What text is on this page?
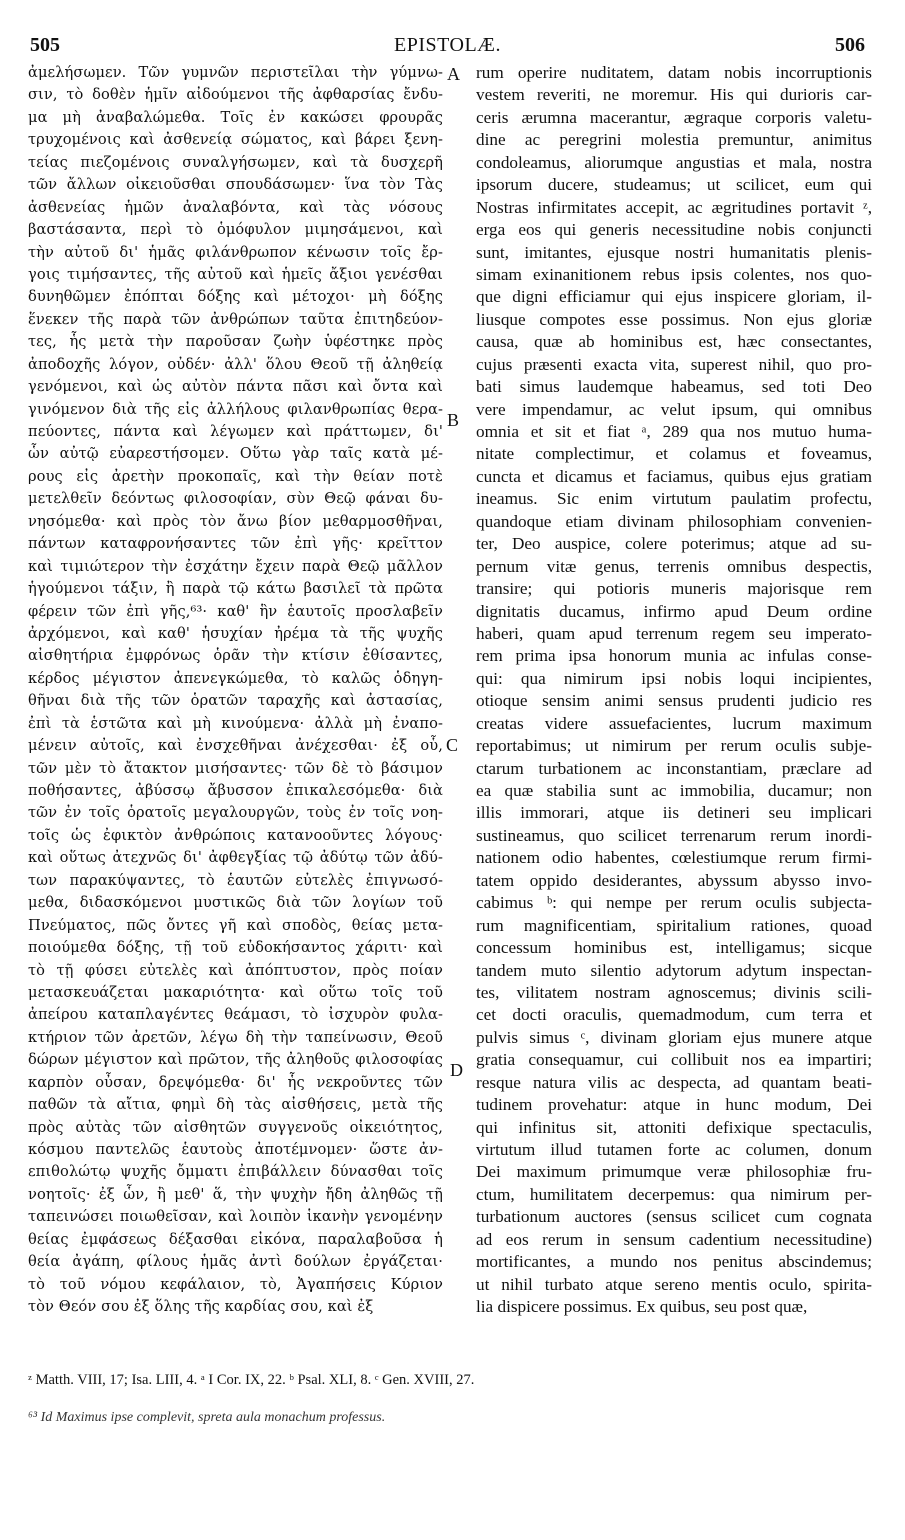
505	EPISTOLÆ.	506
ἀμελήσωμεν. Τῶν γυμνῶν περιστεῖλαι τὴν γύμνω-
σιν, τὸ δοθὲν ἡμῖν αἰδούμενοι τῆς ἀφθαρσίας ἔνδυ-
μα μὴ ἀναβαλώμεθα. Τοῖς ἐν κακώσει φρουρᾶς
τρυχομένοις καὶ ἀσθενείᾳ σώματος, καὶ βάρει ξενη-
τείας πιεζομένοις συναλγήσωμεν, καὶ τὰ δυσχερῆ
τῶν ἄλλων οἰκειοῦσθαι σπουδάσωμεν· ἵνα τὸν Τὰς
ἀσθενείας ἡμῶν ἀναλαβόντα, καὶ τὰς νόσους
βαστάσαντα, περὶ τὸ ὁμόφυλον μιμησάμενοι, καὶ
τὴν αὐτοῦ δι' ἡμᾶς φιλάνθρωπον κένωσιν τοῖς ἔρ-
γοις τιμήσαντες, τῆς αὐτοῦ καὶ ἡμεῖς ἄξιοι γενέσθαι
δυνηθῶμεν ἐπόπται δόξης καὶ μέτοχοι· μὴ δόξης
ἕνεκεν τῆς παρὰ τῶν ἀνθρώπων ταῦτα ἐπιτηδεύον-
τες, ἧς μετὰ τὴν παροῦσαν ζωὴν ὑφέστηκε πρὸς
ἀποδοχῆς λόγον, οὐδέν· ἀλλ' ὅλου Θεοῦ τῇ ἀληθείᾳ
γενόμενοι, καὶ ὡς αὐτὸν πάντα πᾶσι καὶ ὄντα καὶ
γινόμενον διὰ τῆς εἰς ἀλλήλους φιλανθρωπίας θερα-
πεύοντες, πάντα καὶ λέγωμεν καὶ πράττωμεν, δι'
ὧν αὐτῷ εὐαρεστήσομεν. Οὕτω γὰρ ταῖς κατὰ μέ-
ρους εἰς ἀρετὴν προκοπαῖς, καὶ τὴν θείαν ποτὲ
μετελθεῖν δεόντως φιλοσοφίαν, σὺν Θεῷ φάναι δυ-
νησόμεθα· καὶ πρὸς τὸν ἄνω βίον μεθαρμοσθῆναι,
πάντων καταφρονήσαντες τῶν ἐπὶ γῆς· κρεῖττον
καὶ τιμιώτερον τὴν ἐσχάτην ἔχειν παρὰ Θεῷ μᾶλλον
ἡγούμενοι τάξιν, ἢ παρὰ τῷ κάτω βασιλεῖ τὰ πρῶτα
φέρειν τῶν ἐπὶ γῆς,⁶³· καθ' ἣν ἑαυτοῖς προσλαβεῖν
ἀρχόμενοι, καὶ καθ' ἡσυχίαν ἠρέμα τὰ τῆς ψυχῆς
αἰσθητήρια ἐμφρόνως ὁρᾶν τὴν κτίσιν ἐθίσαντες,
κέρδος μέγιστον ἀπενεγκώμεθα, τὸ καλῶς ὁδηγη-
θῆναι διὰ τῆς τῶν ὁρατῶν ταραχῆς καὶ ἀστασίας,
ἐπὶ τὰ ἑστῶτα καὶ μὴ κινούμενα· ἀλλὰ μὴ ἐναπο-
μένειν αὐτοῖς, καὶ ἐνσχεθῆναι ἀνέχεσθαι· ἐξ οὗ,
τῶν μὲν τὸ ἄτακτον μισήσαντες· τῶν δὲ τὸ βάσιμον
ποθήσαντες, ἀβύσσῳ ἄβυσσον ἐπικαλεσόμεθα· διὰ
τῶν ἐν τοῖς ὁρατοῖς μεγαλουργῶν, τοὺς ἐν τοῖς νοη-
τοῖς ὡς ἐφικτὸν ἀνθρώποις κατανοοῦντες λόγους·
καὶ οὕτως ἀτεχνῶς δι' ἀφθεγξίας τῷ ἀδύτῳ τῶν ἀδύ-
των παρακύψαντες, τὸ ἑαυτῶν εὐτελὲς ἐπιγνωσό-
μεθα, διδασκόμενοι μυστικῶς διὰ τῶν λογίων τοῦ
Πνεύματος, πῶς ὄντες γῆ καὶ σποδὸς, θείας μετα-
ποιούμεθα δόξης, τῇ τοῦ εὐδοκήσαντος χάριτι· καὶ
τὸ τῇ φύσει εὐτελὲς καὶ ἀπόπτυστον, πρὸς ποίαν
μετασκευάζεται μακαριότητα· καὶ οὕτω τοῖς τοῦ
ἀπείρου καταπλαγέντες θεάμασι, τὸ ἰσχυρὸν φυλα-
κτήριον τῶν ἀρετῶν, λέγω δὴ τὴν ταπείνωσιν, Θεοῦ
δώρων μέγιστον καὶ πρῶτον, τῆς ἀληθοῦς φιλοσοφίας
καρπὸν οὖσαν, δρεψόμεθα· δι' ἧς νεκροῦντες τῶν
παθῶν τὰ αἴτια, φημὶ δὴ τὰς αἰσθήσεις, μετὰ τῆς
πρὸς αὐτὰς τῶν αἰσθητῶν συγγενοῦς οἰκειότητος,
κόσμου παντελῶς ἑαυτοὺς ἀποτέμνομεν· ὥστε ἀν-
επιθολώτῳ ψυχῆς ὄμματι ἐπιβάλλειν δύνασθαι τοῖς
νοητοῖς· ἐξ ὧν, ἢ μεθ' ἅ, τὴν ψυχὴν ἤδη ἀληθῶς τῇ
ταπεινώσει ποιωθεῖσαν, καὶ λοιπὸν ἱκανὴν γενομένην
θείας ἐμφάσεως δέξασθαι εἰκόνα, παραλαβοῦσα ἡ
θεία ἀγάπη, φίλους ἡμᾶς ἀντὶ δούλων ἐργάζεται·
τὸ τοῦ νόμου κεφάλαιον, τὸ, Ἀγαπήσεις Κύριον
τὸν Θεόν σου ἐξ ὅλης τῆς καρδίας σου, καὶ ἐξ
rum operire nuditatem, datam nobis incorruptionis
vestem reveriti, ne moremur. His qui durioris car-
ceris ærumna macerantur, ægraque corporis valetu-
dine ac peregrini molestia premuntur, animitus
condoleamus, aliorumque angustias et mala, nostra
ipsorum ducere, studeamus; ut scilicet, eum qui
Nostras infirmitates accepit, ac ægritudines portavit ᶻ,
erga eos qui generis necessitudine nobis conjuncti
sunt, imitantes, ejusque nostri humanitatis plenis-
simam exinanitionem rebus ipsis colentes, nos quo-
que digni efficiamur qui ejus inspicere gloriam, il-
liusque compotes esse possimus. Non ejus gloriæ
causa, quæ ab hominibus est, hæc consectantes,
cujus præsenti exacta vita, superest nihil, quo pro-
bati simus laudemque habeamus, sed toti Deo
vere impendamur, ac velut ipsum, qui omnibus
omnia et sit et fiat ᵃ, 289 qua nos mutuo huma-
nitate complectimur, et colamus et foveamus,
cuncta et dicamus et faciamus, quibus ejus gratiam
ineamus. Sic enim virtutum paulatim profectu,
quandoque etiam divinam philosophiam convenien-
ter, Deo auspice, colere poterimus; atque ad su-
pernum vitæ genus, terrenis omnibus despectis,
transire; qui potioris muneris majorisque rem
dignitatis ducamus, infirmo apud Deum ordine
haberi, quam apud terrenum regem seu imperato-
rem prima ipsa honorum munia ac infulas conse-
qui: qua nimirum ipsi nobis loqui incipientes,
otioque sensim animi sensus prudenti judicio res
creatas videre assuefacientes, lucrum maximum
reportabimus; ut nimirum per rerum oculis subje-
ctarum turbationem ac inconstantiam, præclare ad
ea quæ stabilia sunt ac immobilia, ducamur; non
illis immorari, atque iis detineri seu implicari
sustineamus, quo scilicet terrenarum rerum inordi-
nationem odio habentes, cœlestiumque rerum firmi-
tatem oppido desiderantes, abyssum abysso invo-
cabimus ᵇ: qui nempe per rerum oculis subjecta-
rum magnificentiam, spiritalium rationes, quoad
concessum hominibus est, intelligamus; sicque
tandem muto silentio adytorum adytum inspectan-
tes, vilitatem nostram agnoscemus; divinis scili-
cet docti oraculis, quemadmodum, cum terra et
pulvis simus ᶜ, divinam gloriam ejus munere atque
gratia consequamur, cui collibuit nos ea impartiri;
resque natura vilis ac despecta, ad quantam beati-
tudinem provehatur: atque in hunc modum, Dei
qui infinitus sit, attoniti defixique spectaculis,
virtutum illud tutamen forte ac columen, donum
Dei maximum primumque veræ philosophiæ fru-
ctum, humilitatem decerpemus: qua nimirum per-
turbationum auctores (sensus scilicet cum cognata
ad eos rerum in sensum cadentium necessitudine)
mortificantes, a mundo nos penitus abscindemus;
ut nihil turbato atque sereno mentis oculo, spirita-
lia dispicere possimus. Ex quibus, seu post quæ,
A
B
C
D
ᶻ Matth. VIII, 17; Isa. LIII, 4. ᵃ I Cor. IX, 22. ᵇ Psal. XLI, 8. ᶜ Gen. XVIII, 27.
⁶³ Id Maximus ipse complevit, spreta aula monachum professus.
